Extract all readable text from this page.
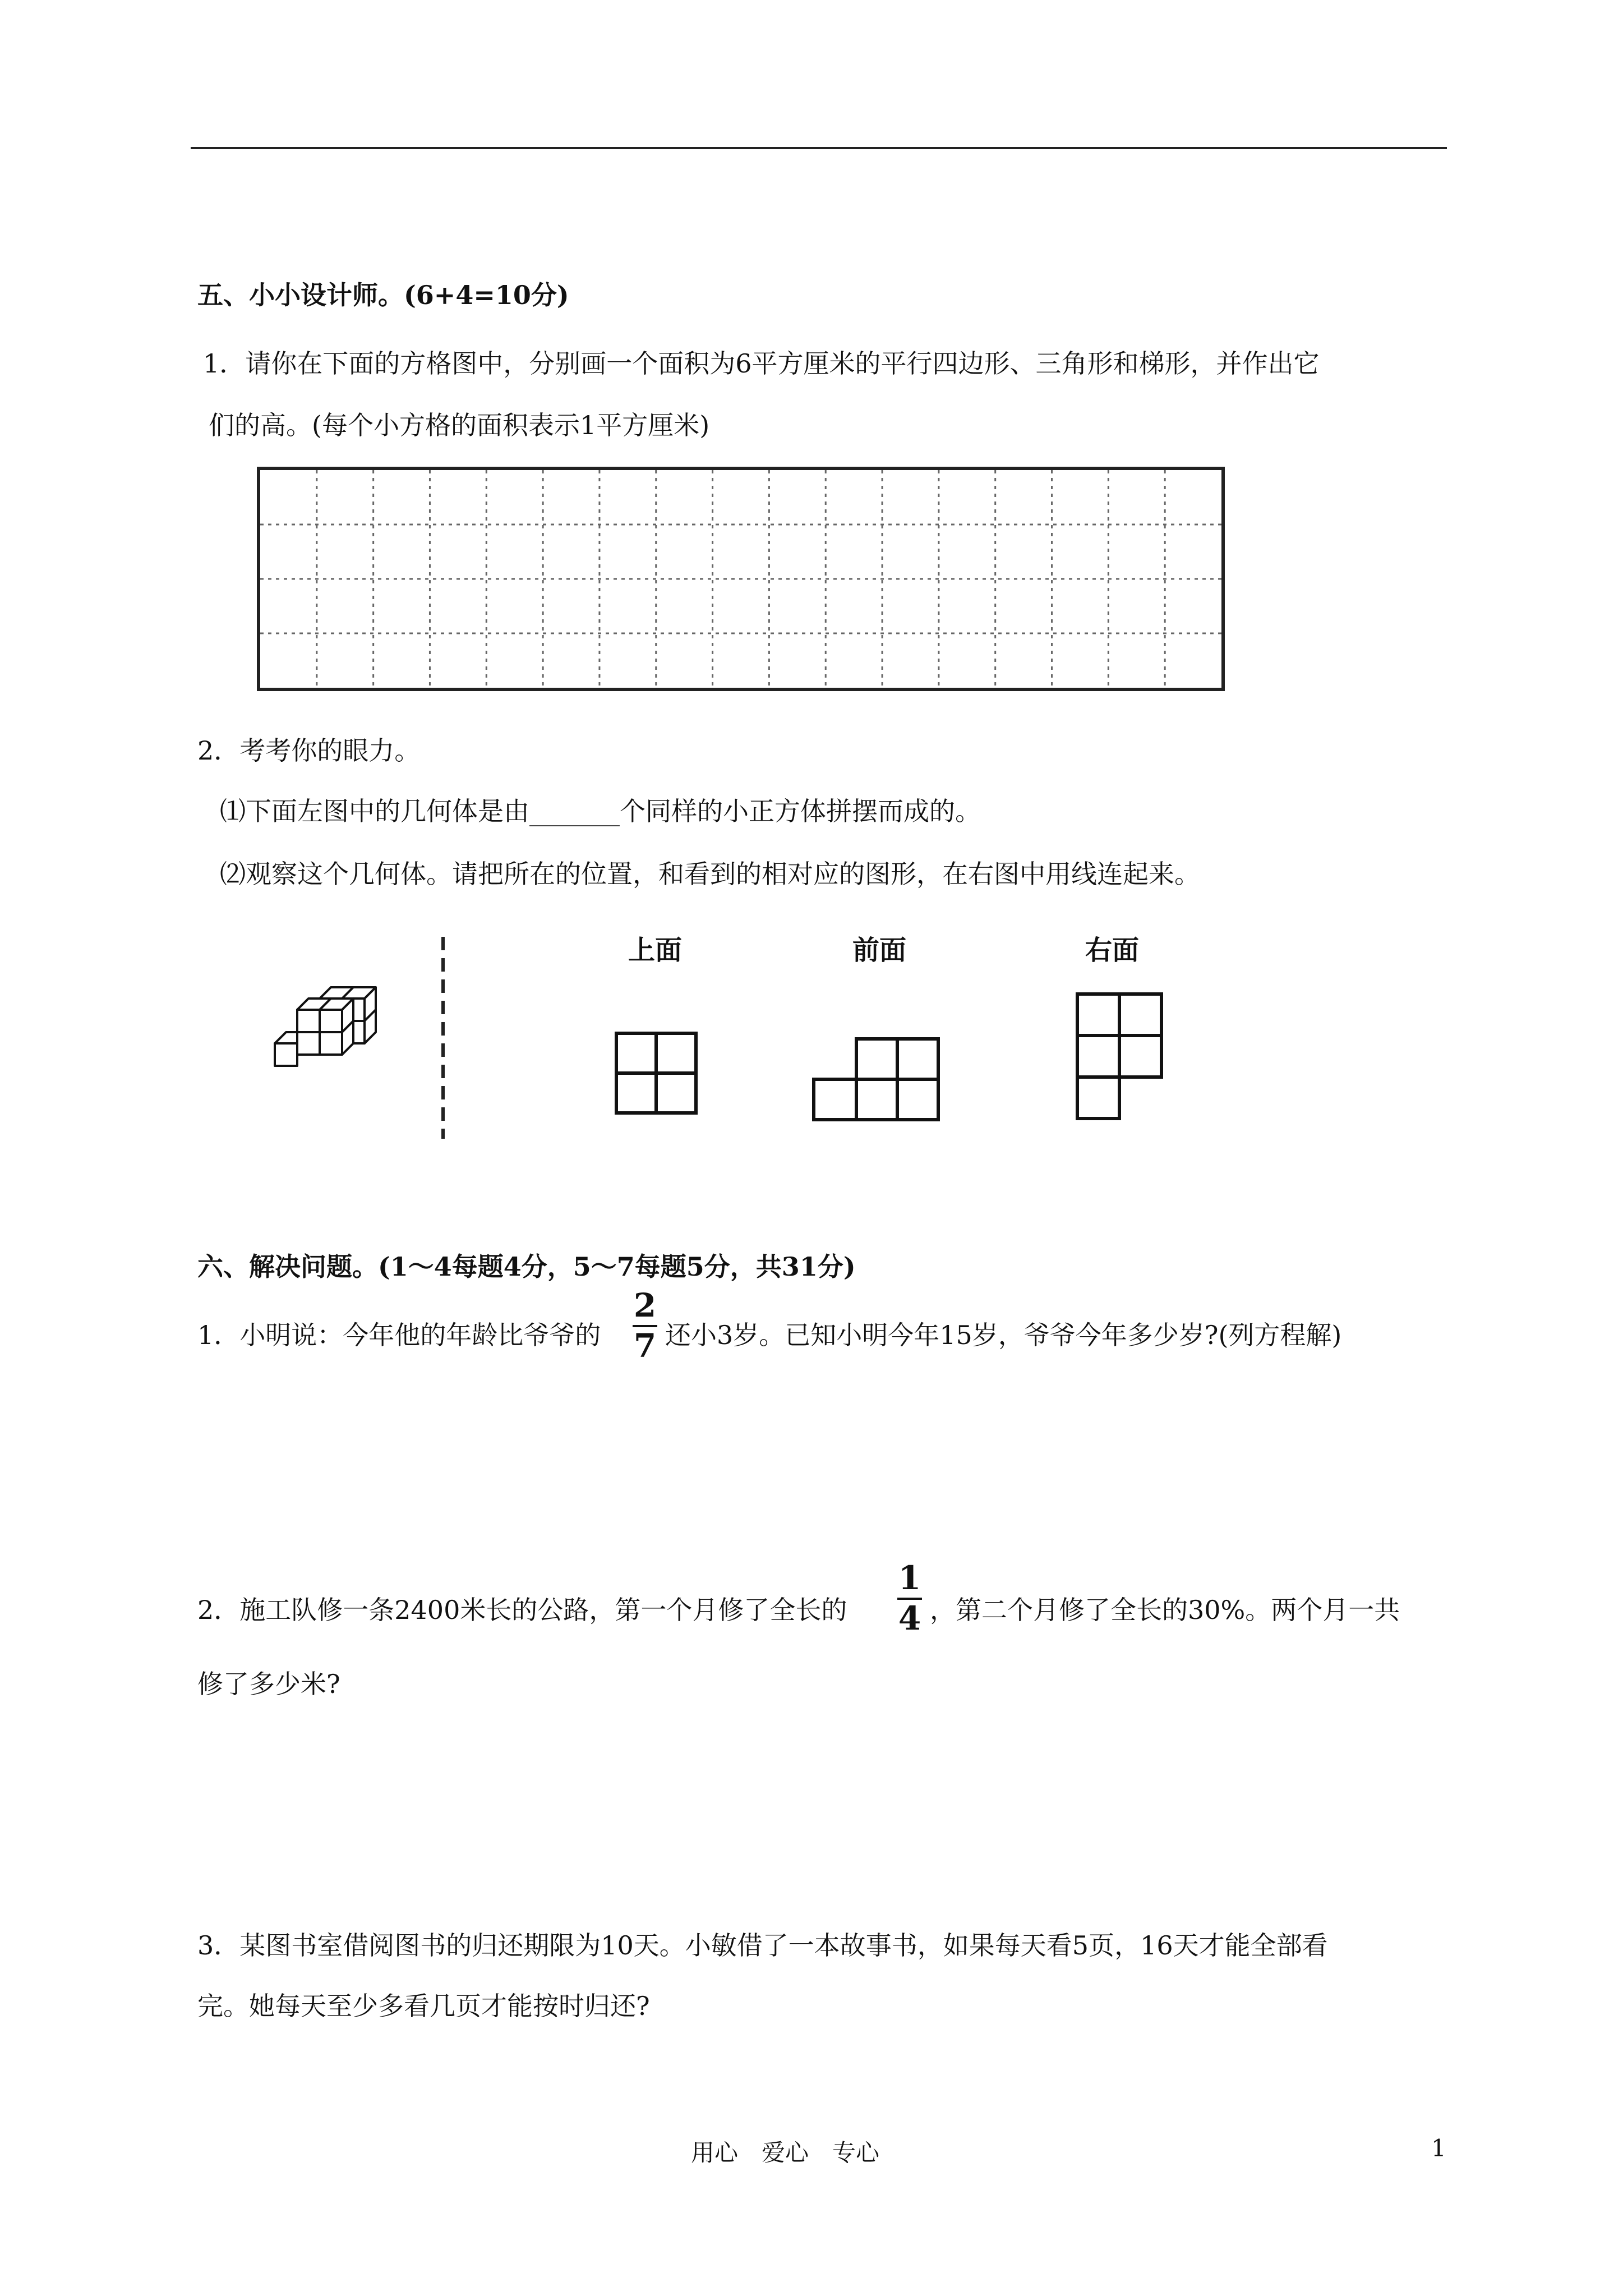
五、小小设计师。(6+4=10分)
1．请你在下面的方格图中，分别画一个面积为6平方厘米的平行四边形、三角形和梯形，并作出它
们的高。(每个小方格的面积表示1平方厘米)
2．考考你的眼力。
⑴下面左图中的几何体是由_______个同样的小正方体拼摆而成的。
⑵观察这个几何体。请把所在的位置，和看到的相对应的图形，在右图中用线连起来。
上面	前面	右面
六、解决问题。(1～4每题4分，5～7每题5分，共31分)
1．小明说：今年他的年龄比爷爷的
2
7 还小3岁。已知小明今年15岁，爷爷今年多少岁?(列方程解)
2．施工队修一条2400米长的公路，第一个月修了全长的
1
4 ，第二个月修了全长的30%。两个月一共
修了多少米?
3．某图书室借阅图书的归还期限为10天。小敏借了一本故事书，如果每天看5页，16天才能全部看
完。她每天至少多看几页才能按时归还?
用心　爱心　专心	1
